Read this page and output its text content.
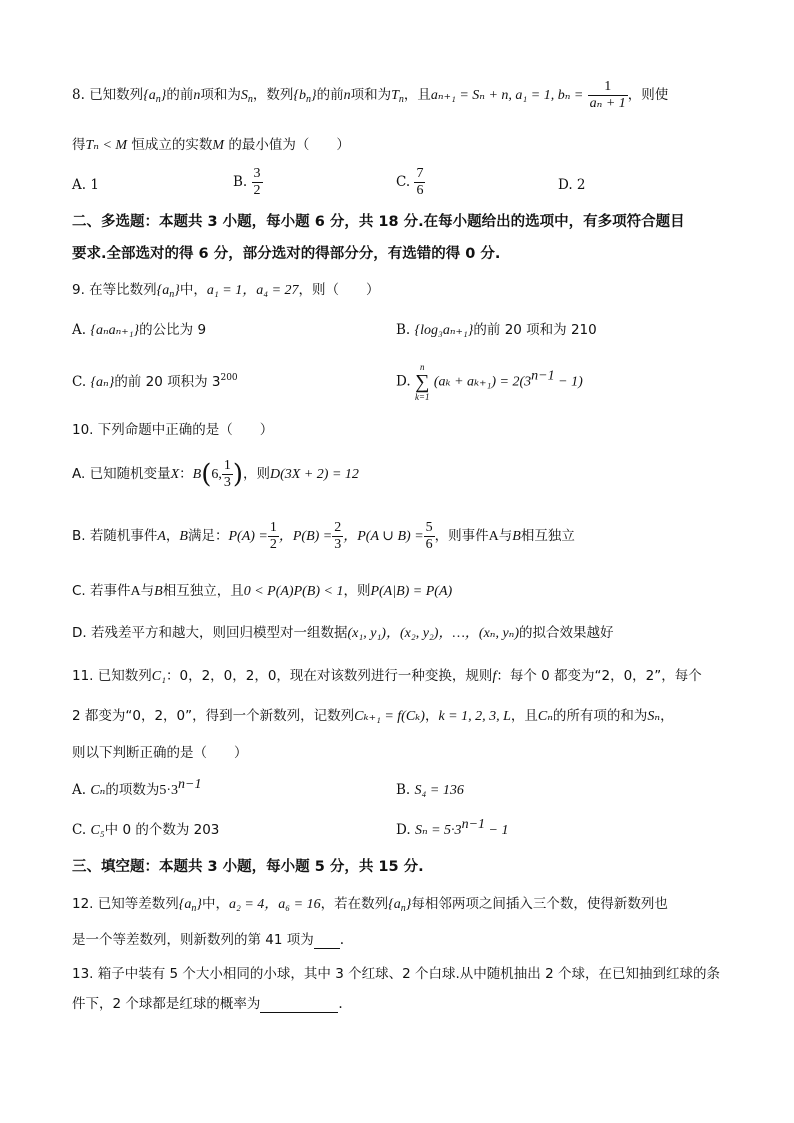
8. 已知数列$\{a_n\}$的前n项和为$S_n$，数列$\{b_n\}$的前n项和为$T_n$，且aₙ₊₁ = Sₙ + n, a₁ = 1, $b_n = \frac{1}{\text{aₙ + 1}}$ ，则使
得Tₙ < M 恒成立的实数M 的最小值为（　　）
A. 1	B. $\frac{3}{2}$	C. $\frac{7}{6}$	D. 2
二、多选题：本题共 3 小题，每小题 6 分，共 18 分.在每小题给出的选项中，有多项符合题目
要求.全部选对的得 6 分，部分选对的得部分分，有选错的得 0 分.
9. 在等比数列$\{a_n\}$中，a₁ = 1，a₄ = 27，则（　　）
A. {aₙaₙ₊₁}的公比为 9	B. {log₃aₙ₊₁}的前 20 项和为 210
C. {aₙ}的前 20 项积为 $3^{200}$	D.
n
∑
k=1
$(a_k + a_{k+1}) = 2(3^{n-1} - 1)$
10. 下列命题中正确的是（　　）
A. 已知随机变量X：B(6, $\frac{1}{3}$ )，则D(3X + 2) = 12
B. 若随机事件A，B满足：$P(A) = \frac{1}{2}$ ，$P(B) = \frac{2}{3}$ ，P(A ∪ $B) = \frac{5}{6}$ ，则事件A与B相互独立
C. 若事件A与B相互独立，且0 < P(A)P(B) < 1，则P(A|B) = P(A)
D. 若残差平方和越大，则回归模型对一组数据(x₁, y₁)，(x₂, y₂)，…，(xₙ, yₙ)的拟合效果越好
11. 已知数列C₁：0，2，0，2，0，现在对该数列进行一种变换，规则f：每个 0 都变为“2，0，2”，每个
2 都变为“0，2，0”，得到一个新数列，记数列Cₖ₊₁ = f(Cₖ)，k = 1, 2, 3, L，且Cₙ的所有项的和为Sₙ，
则以下判断正确的是（　　）
A. Cₙ的项数为$5\cdot 3^{n-1}$	B. S₄ = 136
C. C₅中 0 的个数为 203	D. $S_n = 5\cdot 3^{n-1} - 1$
三、填空题：本题共 3 小题，每小题 5 分，共 15 分.
12. 已知等差数列$\{a_n\}$中，a₂ = 4，a₆ = 16，若在数列$\{a_n\}$每相邻两项之间插入三个数，使得新数列也
是一个等差数列，则新数列的第 41 项为 .
13. 箱子中装有 5 个大小相同的小球，其中 3 个红球、2 个白球.从中随机抽出 2 个球，在已知抽到红球的条
件下，2 个球都是红球的概率为	.
